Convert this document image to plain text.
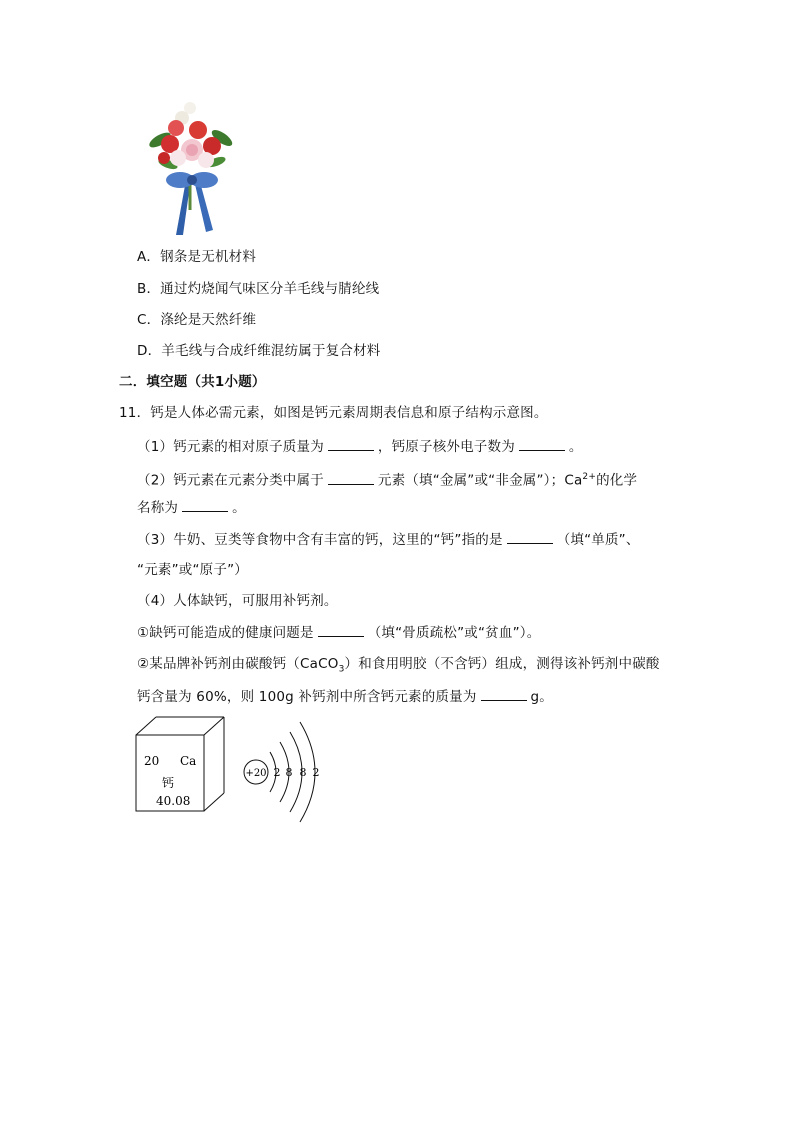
A．钢条是无机材料
B．通过灼烧闻气味区分羊毛线与腈纶线
C．涤纶是天然纤维
D．羊毛线与合成纤维混纺属于复合材料
二．填空题（共1小题）
11．钙是人体必需元素，如图是钙元素周期表信息和原子结构示意图。
（1）钙元素的相对原子质量为	，钙原子核外电子数为	。
（2）钙元素在元素分类中属于	元素（填“金属”或“非金属”）；$Ca^{2+}$的化学
名称为	。
（3）牛奶、豆类等食物中含有丰富的钙，这里的“钙”指的是	（填“单质”、
“元素”或“原子”）
（4）人体缺钙，可服用补钙剂。
①缺钙可能造成的健康问题是	（填“骨质疏松”或“贫血”）。
②某品牌补钙剂由碳酸钙（CaCO$_3$）和食用明胶（不含钙）组成，测得该补钙剂中碳酸
钙含量为 60%，则 100g 补钙剂中所含钙元素的质量为	g。
20 Ca
钙
40.08
+20 2 8 8 2
